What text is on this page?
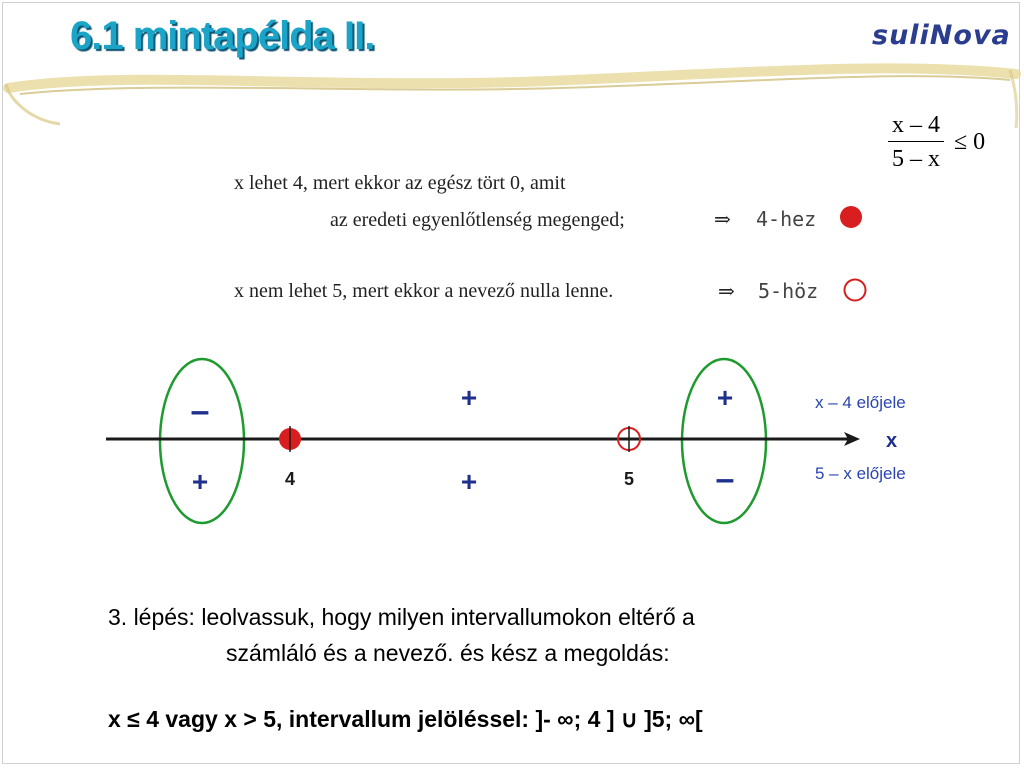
6.1 mintapélda II.	suliNova
$\frac{x - 4}{5 - x} \le 0$
x lehet 4, mert ekkor az egész tört 0, amit
az eredeti egyenlőtlenség megenged;	⇒ 4-hez
x nem lehet 5, mert ekkor a nevező nulla lenne.	⇒ 5-höz
4	5
x
–	+	+
+	+	–
x – 4 előjele
5 – x előjele
3. lépés: leolvassuk, hogy milyen intervallumokon eltérő a
számláló és a nevező. és kész a megoldás:
x ≤ 4 vagy x > 5, intervallum jelöléssel: ]- ∞; 4 ] ∪ ]5; ∞[
